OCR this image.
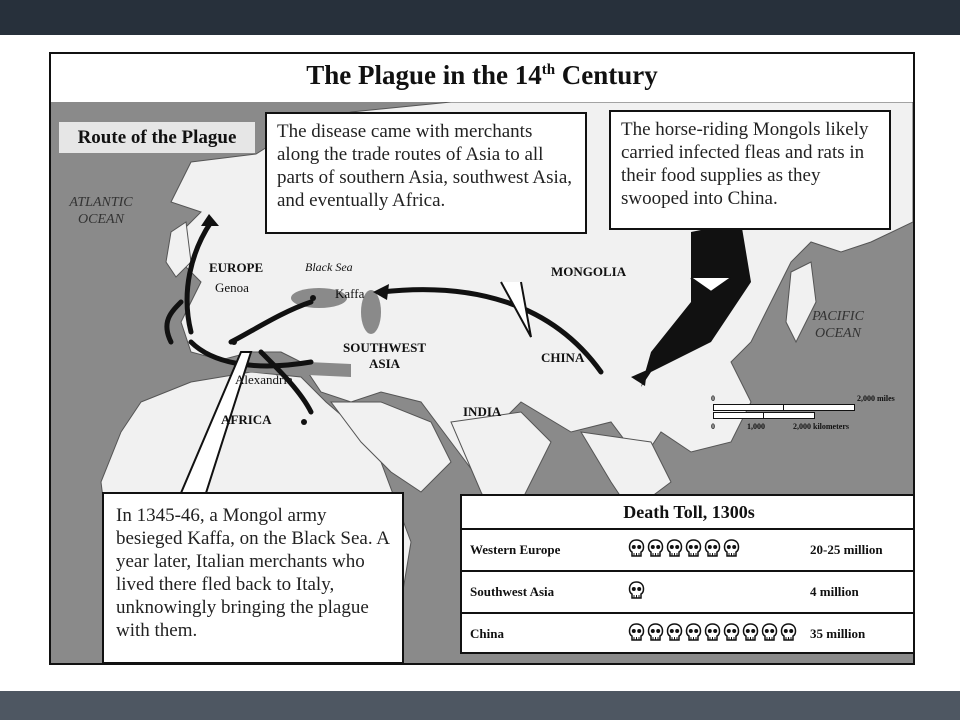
The Plague in the 14th Century
Route of the Plague
ATLANTIC
OCEAN
PACIFIC
OCEAN
EUROPE
Genoa
Black Sea
Kaffa
MONGOLIA
CHINA
SOUTHWEST
ASIA
Alexandria
AFRICA
INDIA
0	2,000 miles
0	1,000	2,000 kilometers
The disease came with merchants along the trade routes of Asia to all parts of southern Asia, southwest Asia, and eventually Africa.
The horse-riding Mongols likely carried infected fleas and rats in their food supplies as they swooped into China.
In 1345-46, a Mongol army besieged Kaffa, on the Black Sea. A year later, Italian merchants who lived there fled back to Italy, unknowingly bringing the plague with them.
Death Toll, 1300s
Western Europe	20-25 million
Southwest Asia	4 million
China	35 million
